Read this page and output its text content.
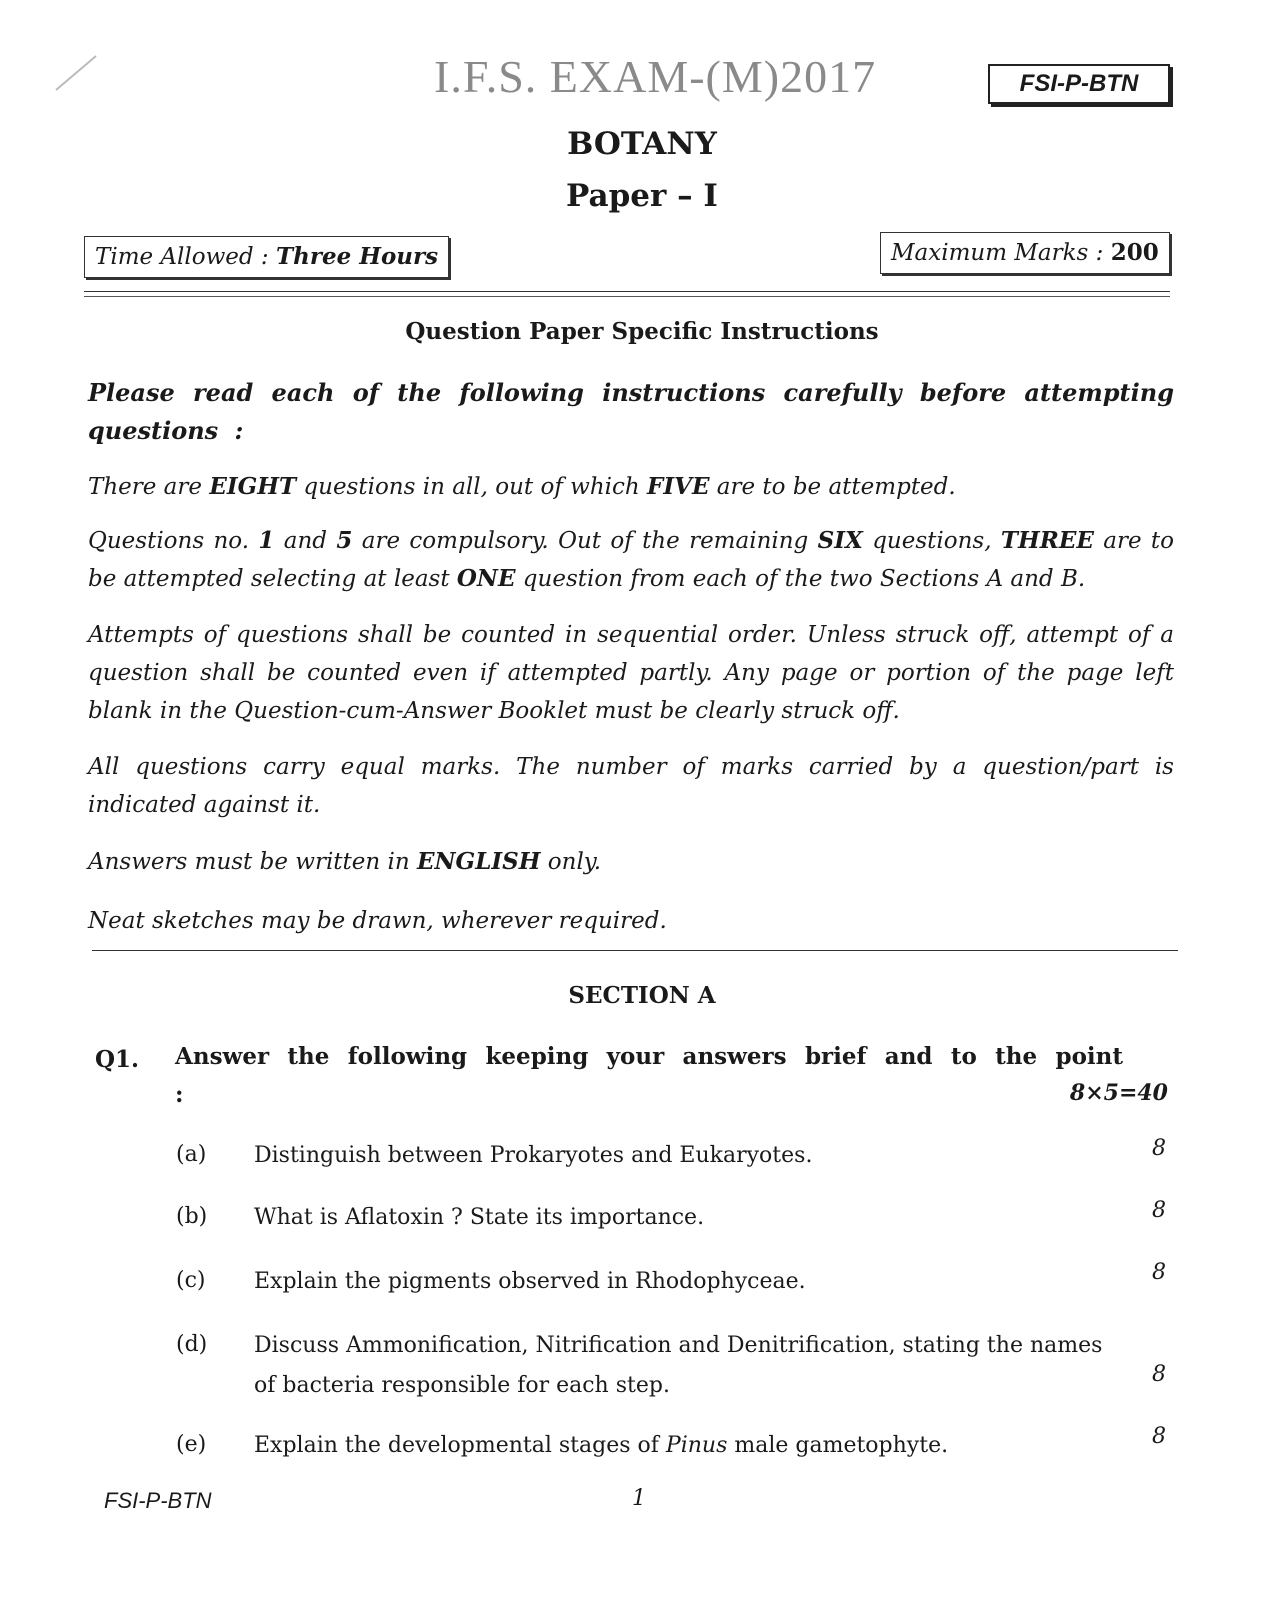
I.F.S. EXAM-(M)2017	FSI-P-BTN
BOTANY
Paper – I
Time Allowed : Three Hours	Maximum Marks : 200
Question Paper Specific Instructions
Please read each of the following instructions carefully before attempting questions :
There are EIGHT questions in all, out of which FIVE are to be attempted.
Questions no. 1 and 5 are compulsory. Out of the remaining SIX questions, THREE are to be attempted selecting at least ONE question from each of the two Sections A and B.
Attempts of questions shall be counted in sequential order. Unless struck off, attempt of a question shall be counted even if attempted partly. Any page or portion of the page left blank in the Question-cum-Answer Booklet must be clearly struck off.
All questions carry equal marks. The number of marks carried by a question/part is indicated against it.
Answers must be written in ENGLISH only.
Neat sketches may be drawn, wherever required.
SECTION A
Q1. Answer the following keeping your answers brief and to the point :	8×5=40
(a) Distinguish between Prokaryotes and Eukaryotes.	8
(b) What is Aflatoxin ? State its importance.	8
(c) Explain the pigments observed in Rhodophyceae.	8
(d) Discuss Ammonification, Nitrification and Denitrification, stating the names of bacteria responsible for each step.	8
(e) Explain the developmental stages of Pinus male gametophyte.	8
FSI-P-BTN	1
